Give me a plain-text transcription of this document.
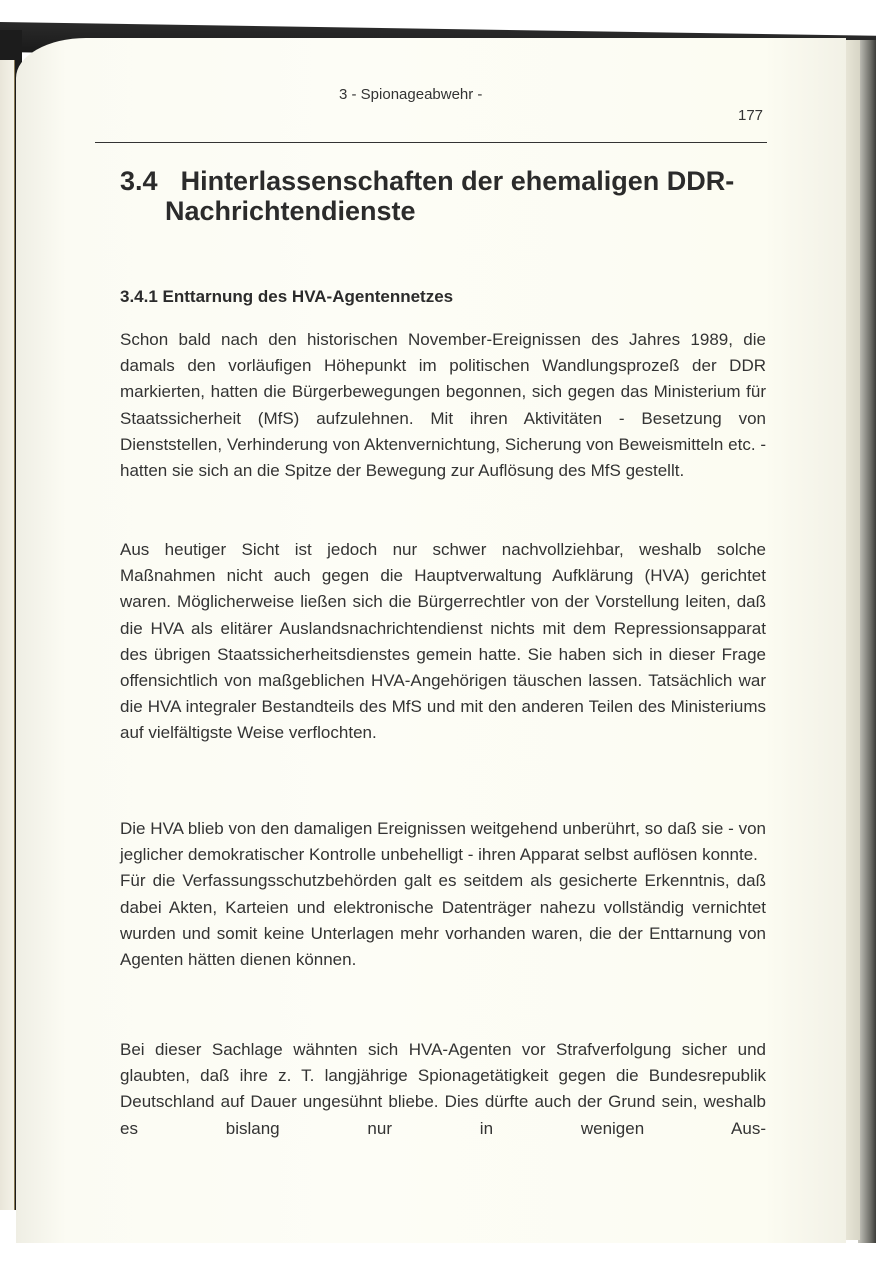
3 - Spionageabwehr -
177
3.4 Hinterlassenschaften der ehemaligen DDR-
Nachrichtendienste
3.4.1 Enttarnung des HVA-Agentennetzes

Schon bald nach den historischen November-Ereignissen des Jahres 1989, die damals den vorläufigen Höhepunkt im politischen Wandlungsprozeß der DDR markierten, hatten die Bürgerbewegungen begonnen, sich gegen das Ministerium für Staatssicherheit (MfS) aufzulehnen. Mit ihren Aktivitäten - Besetzung von Dienststellen, Verhinderung von Aktenvernichtung, Sicherung von Beweismitteln etc. - hatten sie sich an die Spitze der Bewegung zur Auflösung des MfS gestellt.

Aus heutiger Sicht ist jedoch nur schwer nachvollziehbar, weshalb solche Maßnahmen nicht auch gegen die Hauptverwaltung Aufklärung (HVA) gerichtet waren. Möglicherweise ließen sich die Bürgerrechtler von der Vorstellung leiten, daß die HVA als elitärer Auslandsnachrichtendienst nichts mit dem Repressionsapparat des übrigen Staatssicherheitsdienstes gemein hatte. Sie haben sich in dieser Frage offensichtlich von maßgeblichen HVA-Angehörigen täuschen lassen. Tatsächlich war die HVA integraler Bestandteils des MfS und mit den anderen Teilen des Ministeriums auf vielfältigste Weise verflochten.

Die HVA blieb von den damaligen Ereignissen weitgehend unberührt, so daß sie - von jeglicher demokratischer Kontrolle unbehelligt - ihren Apparat selbst auflösen konnte.

Für die Verfassungsschutzbehörden galt es seitdem als gesicherte Erkenntnis, daß dabei Akten, Karteien und elektronische Datenträger nahezu vollständig vernichtet wurden und somit keine Unterlagen mehr vorhanden waren, die der Enttarnung von Agenten hätten dienen können.

Bei dieser Sachlage wähnten sich HVA-Agenten vor Strafverfolgung sicher und glaubten, daß ihre z. T. langjährige Spionagetätigkeit gegen die Bundesrepublik Deutschland auf Dauer ungesühnt bliebe. Dies dürfte auch der Grund sein, weshalb es bislang nur in wenigen Aus-
